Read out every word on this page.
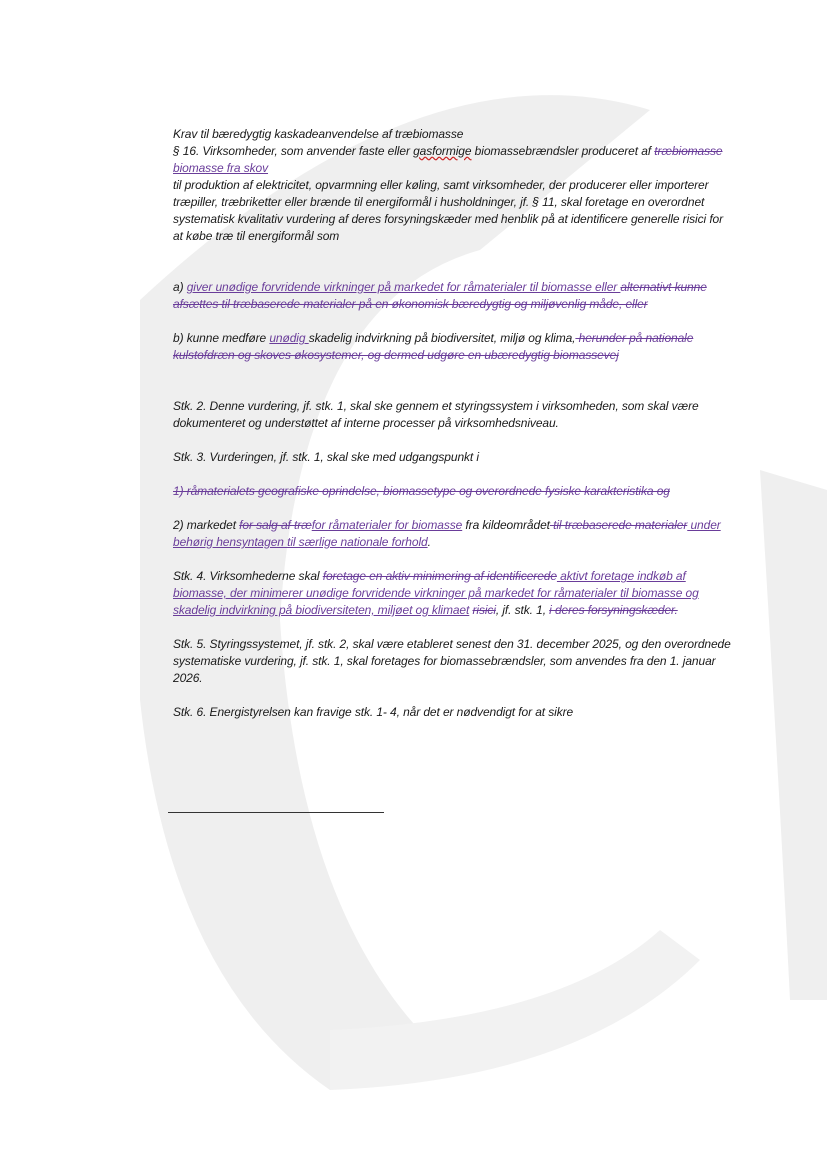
Krav til bæredygtig kaskadeanvendelse af træbiomasse

§ 16. Virksomheder, som anvender faste eller gasformige biomassebrændsler produceret af træbiomasse
biomasse fra skov
til produktion af elektricitet, opvarmning eller køling, samt virksomheder, der producerer eller importerer træpiller, træbriketter eller brænde til energiformål i husholdninger, jf. § 11, skal foretage en overordnet systematisk kvalitativ vurdering af deres forsyningskæder med henblik på at identificere generelle risici for at købe træ til energiformål som

a) giver unødige forvridende virkninger på markedet for råmaterialer til biomasse eller alternativt kunne afsættes til træbaserede materialer på en økonomisk bæredygtig og miljøvenlig måde, eller

b) kunne medføre unødig skadelig indvirkning på biodiversitet, miljø og klima, herunder på nationale kulstofdræn og skoves økosystemer, og dermed udgøre en ubæredygtig biomassevej

Stk. 2. Denne vurdering, jf. stk. 1, skal ske gennem et styringssystem i virksomheden, som skal være dokumenteret og understøttet af interne processer på virksomhedsniveau.

Stk. 3. Vurderingen, jf. stk. 1, skal ske med udgangspunkt i

1) råmaterialets geografiske oprindelse, biomassetype og overordnede fysiske karakteristika og

2) markedet for salg af træfor råmaterialer for biomasse fra kildeområdet til træbaserede materialer under behørig hensyntagen til særlige nationale forhold.

Stk. 4. Virksomhederne skal foretage en aktiv minimering af identificerede aktivt foretage indkøb af biomasse, der minimerer unødige forvridende virkninger på markedet for råmaterialer til biomasse og skadelig indvirkning på biodiversiteten, miljøet og klimaet risici, jf. stk. 1, i deres forsyningskæder.

Stk. 5. Styringssystemet, jf. stk. 2, skal være etableret senest den 31. december 2025, og den overordnede systematiske vurdering, jf. stk. 1, skal foretages for biomassebrændsler, som anvendes fra den 1. januar 2026.

Stk. 6. Energistyrelsen kan fravige stk. 1- 4, når det er nødvendigt for at sikre
